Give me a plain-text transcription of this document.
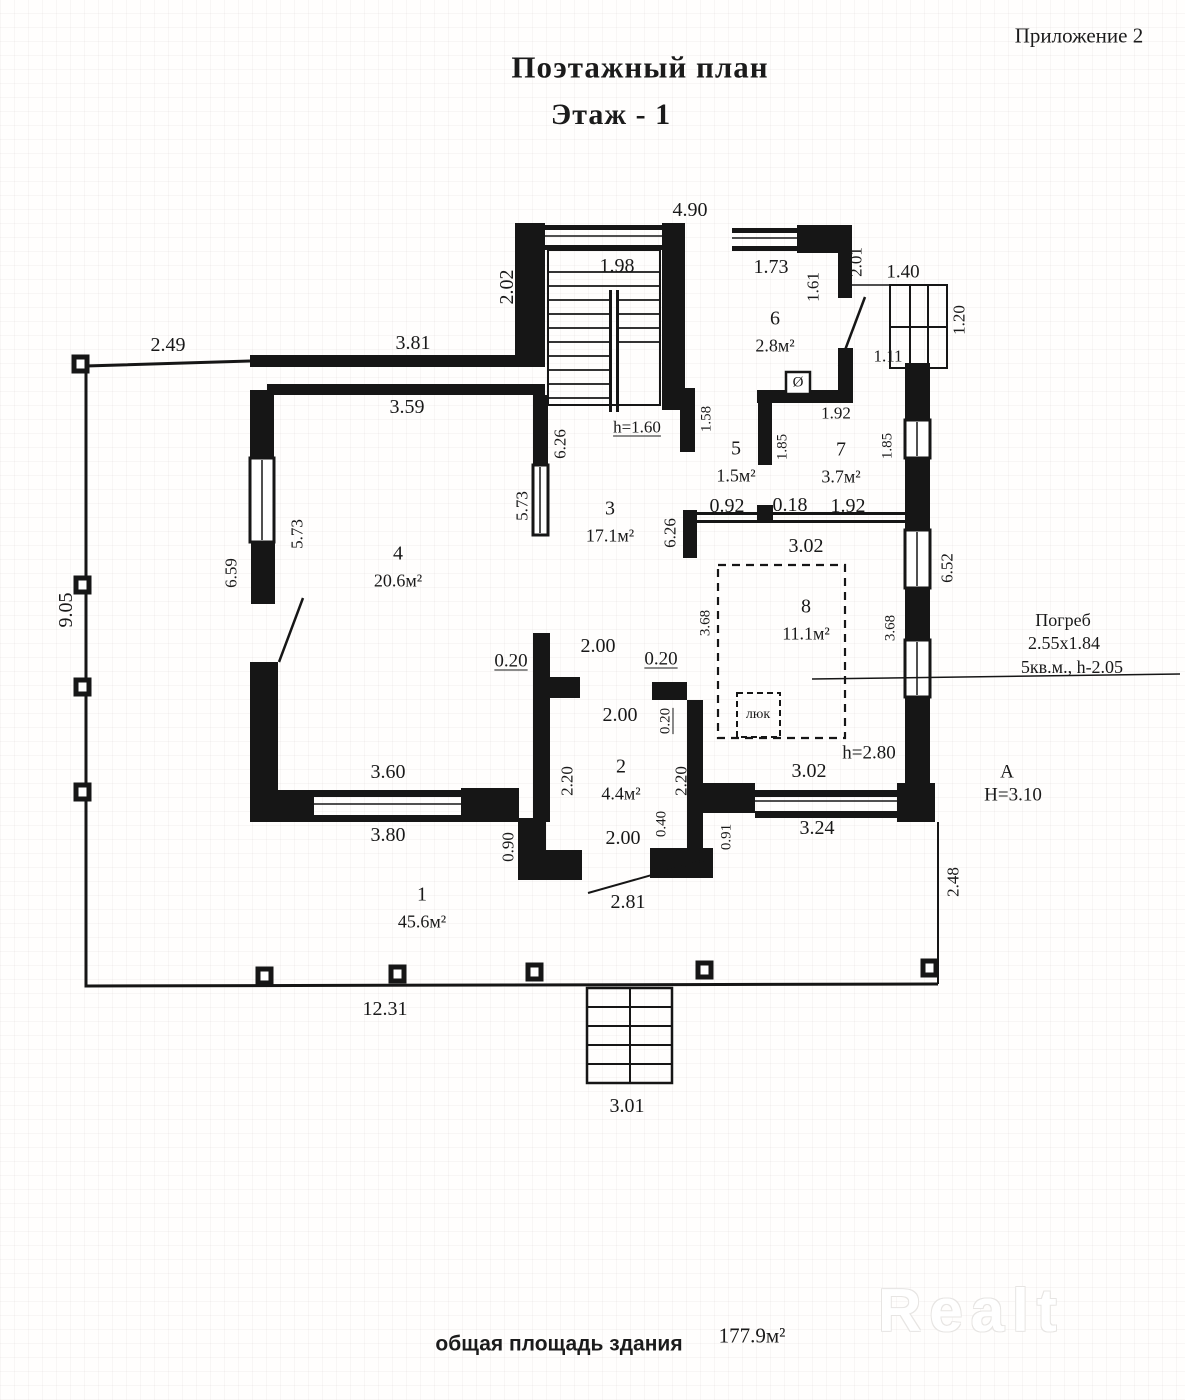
Приложение 2
Поэтажный план
Этаж - 1
4.90
1.98
2.02
1.73
1.61
2.01 1.40
1.20
1.11
2.49	3.81
3.59
h=1.60	1.58
6.26
1.92
1.85	1.85
0.92 0.18 1.92
6.26	3.02
5.73
5.73
6.59
9.05	3.68	3.68
6.52
2.00
0.20	0.20
2.00 0.20
2.20	2.20
0.40
2.00
0.90	0.91
3.60
3.80
2.81
h=2.80
3.02
3.24
2.48
A
Н=3.10
12.31
3.01
люк
Ø
Погреб
2.55x1.84
5кв.м., h-2.05
1
45.6м²
2
4.4м²
3
17.1м²
4
20.6м²
5
1.5м²
6
2.8м²
7
3.7м²
8
11.1м²
общая площадь здания 177.9м² Realt
